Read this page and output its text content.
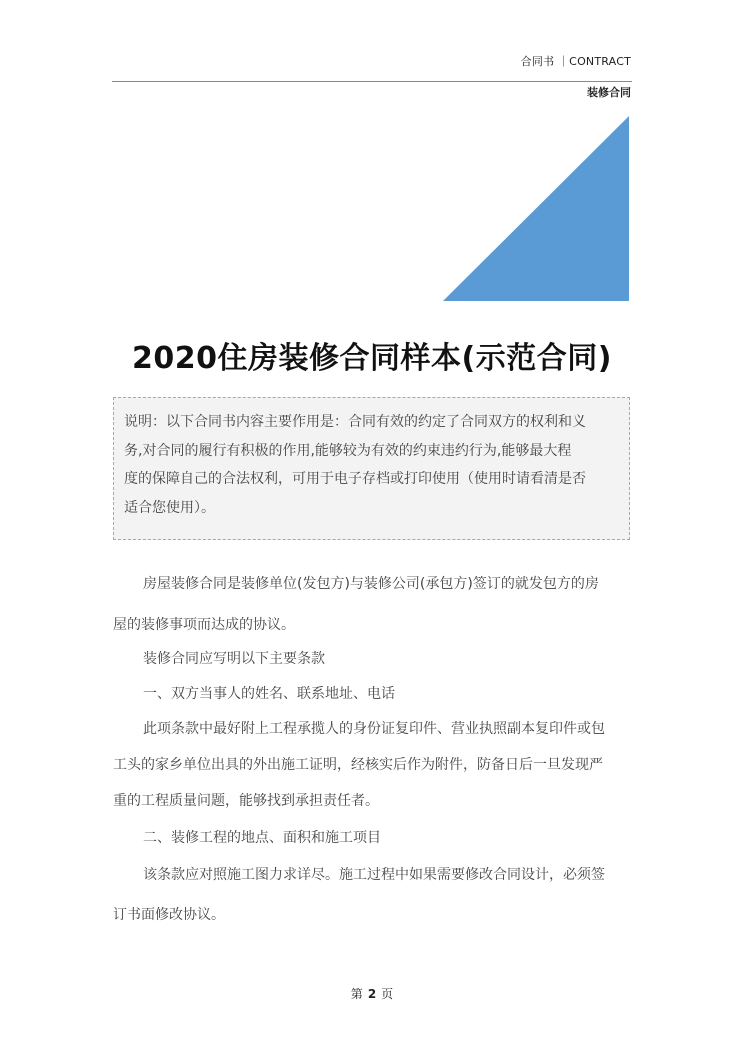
合同书 ｜CONTRACT
装修合同
2020住房装修合同样本(示范合同)
说明：以下合同书内容主要作用是：合同有效的约定了合同双方的权利和义
务,对合同的履行有积极的作用,能够较为有效的约束违约行为,能够最大程
度的保障自己的合法权利，可用于电子存档或打印使用（使用时请看清是否
适合您使用）。
房屋装修合同是装修单位(发包方)与装修公司(承包方)签订的就发包方的房
屋的装修事项而达成的协议。
装修合同应写明以下主要条款
一、双方当事人的姓名、联系地址、电话
此项条款中最好附上工程承揽人的身份证复印件、营业执照副本复印件或包
工头的家乡单位出具的外出施工证明，经核实后作为附件，防备日后一旦发现严
重的工程质量问题，能够找到承担责任者。
二、装修工程的地点、面积和施工项目
该条款应对照施工图力求详尽。施工过程中如果需要修改合同设计，必须签
订书面修改协议。
第 2 页
